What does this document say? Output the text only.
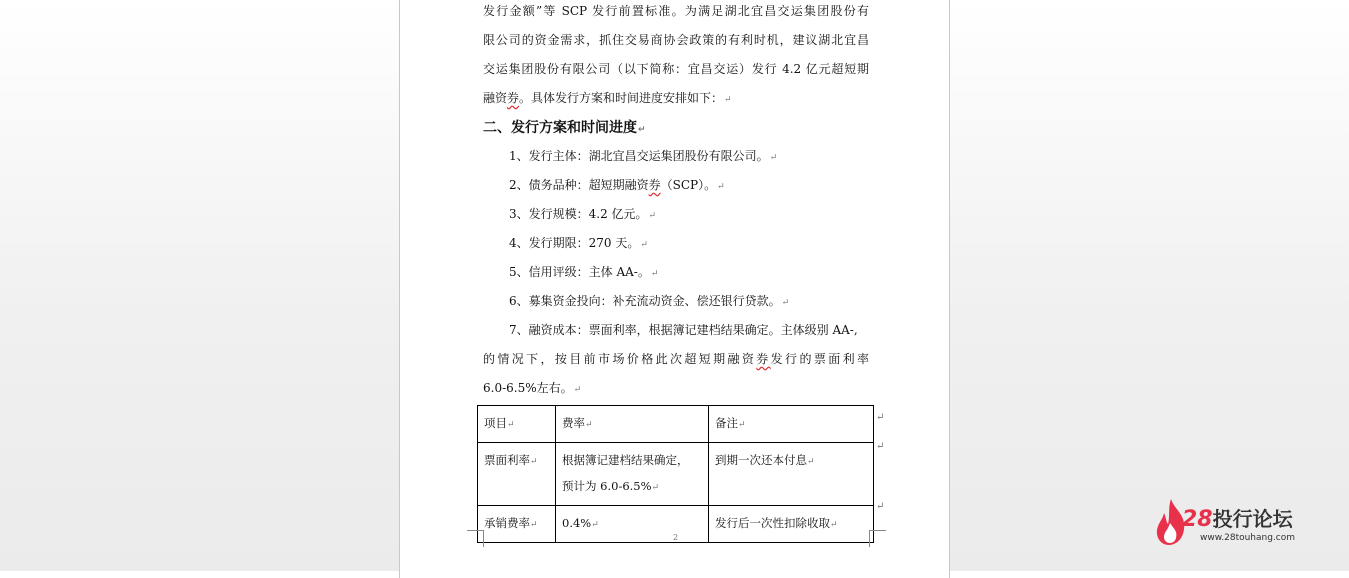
发行金额”等 SCP 发行前置标准。为满足湖北宜昌交运集团股份有
限公司的资金需求，抓住交易商协会政策的有利时机，建议湖北宜昌
交运集团股份有限公司（以下简称：宜昌交运）发行 4.2 亿元超短期
融资券。具体发行方案和时间进度安排如下：↵
二、发行方案和时间进度↵
1、发行主体：湖北宜昌交运集团股份有限公司。↵
2、债务品种：超短期融资券（SCP）。↵
3、发行规模：4.2 亿元。↵
4、发行期限：270 天。↵
5、信用评级：主体 AA-。↵
6、募集资金投向：补充流动资金、偿还银行贷款。↵
7、融资成本：票面利率，根据簿记建档结果确定。主体级别 AA-,
的情况下，按目前市场价格此次超短期融资券发行的票面利率
6.0-6.5%左右。↵
项目↵	费率↵	备注↵
票面利率↵	根据簿记建档结果确定，
预计为 6.0-6.5%↵	到期一次还本付息↵
承销费率↵	0.4%↵	发行后一次性扣除收取↵
↵
↵
↵
2
28投行论坛
www.28touhang.com
